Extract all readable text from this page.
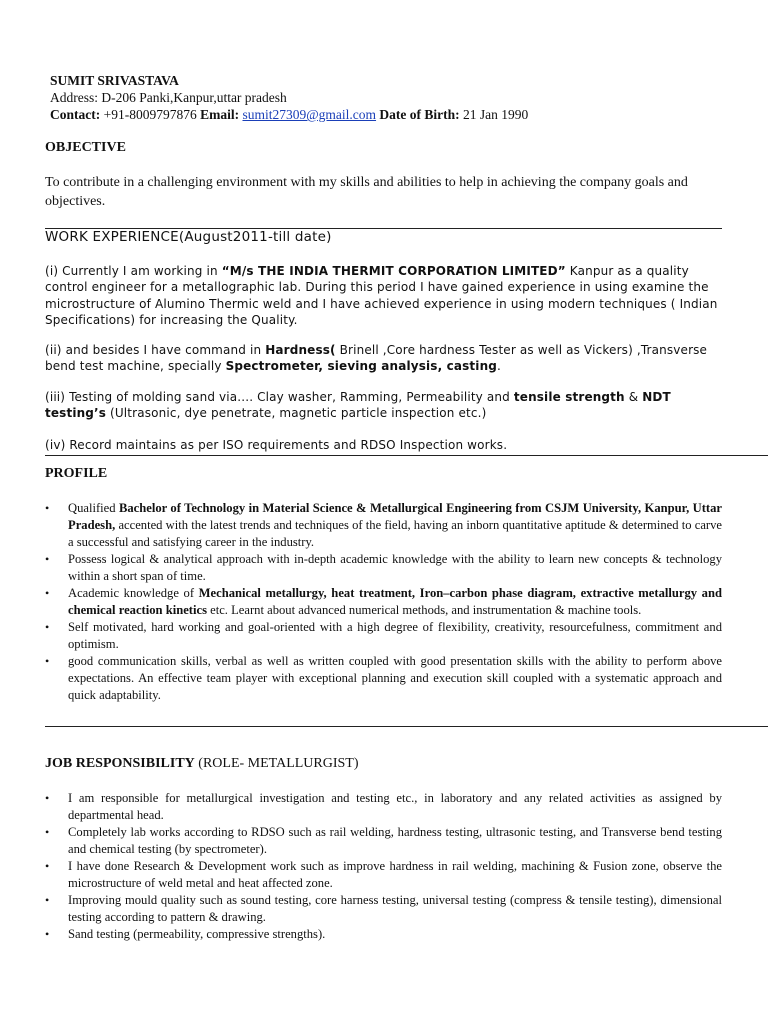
SUMIT SRIVASTAVA
Address: D-206 Panki,Kanpur,uttar pradesh
Contact: +91-8009797876 Email: sumit27309@gmail.com Date of Birth: 21 Jan 1990
OBJECTIVE
To contribute in a challenging environment with my skills and abilities to help in achieving the company goals and objectives.
WORK EXPERIENCE(August2011-till date)
(i) Currently I am working in “M/s THE INDIA THERMIT CORPORATION LIMITED” Kanpur as a quality control engineer for a metallographic lab. During this period I have gained experience in using examine the microstructure of Alumino Thermic weld and I have achieved experience in using modern techniques ( Indian Specifications) for increasing the Quality.
(ii) and besides I have command in Hardness( Brinell ,Core hardness Tester as well as Vickers) ,Transverse bend test machine, specially Spectrometer, sieving analysis, casting.
(iii) Testing of molding sand via.... Clay washer, Ramming, Permeability and tensile strength & NDT testing’s (Ultrasonic, dye penetrate, magnetic particle inspection etc.)
(iv) Record maintains as per ISO requirements and RDSO Inspection works.
PROFILE
• Qualified Bachelor of Technology in Material Science & Metallurgical Engineering from CSJM University, Kanpur, Uttar Pradesh, accented with the latest trends and techniques of the field, having an inborn quantitative aptitude & determined to carve a successful and satisfying career in the industry.
• Possess logical & analytical approach with in-depth academic knowledge with the ability to learn new concepts & technology within a short span of time.
• Academic knowledge of Mechanical metallurgy, heat treatment, Iron–carbon phase diagram, extractive metallurgy and chemical reaction kinetics etc. Learnt about advanced numerical methods, and instrumentation & machine tools.
• Self motivated, hard working and goal-oriented with a high degree of flexibility, creativity, resourcefulness, commitment and optimism.
• good communication skills, verbal as well as written coupled with good presentation skills with the ability to perform above expectations. An effective team player with exceptional planning and execution skill coupled with a systematic approach and quick adaptability.
JOB RESPONSIBILITY (ROLE- METALLURGIST)
• I am responsible for metallurgical investigation and testing etc., in laboratory and any related activities as assigned by departmental head.
• Completely lab works according to RDSO such as rail welding, hardness testing, ultrasonic testing, and Transverse bend testing and chemical testing (by spectrometer).
• I have done Research & Development work such as improve hardness in rail welding, machining & Fusion zone, observe the microstructure of weld metal and heat affected zone.
• Improving mould quality such as sound testing, core harness testing, universal testing (compress & tensile testing), dimensional testing according to pattern & drawing.
• Sand testing (permeability, compressive strengths).
